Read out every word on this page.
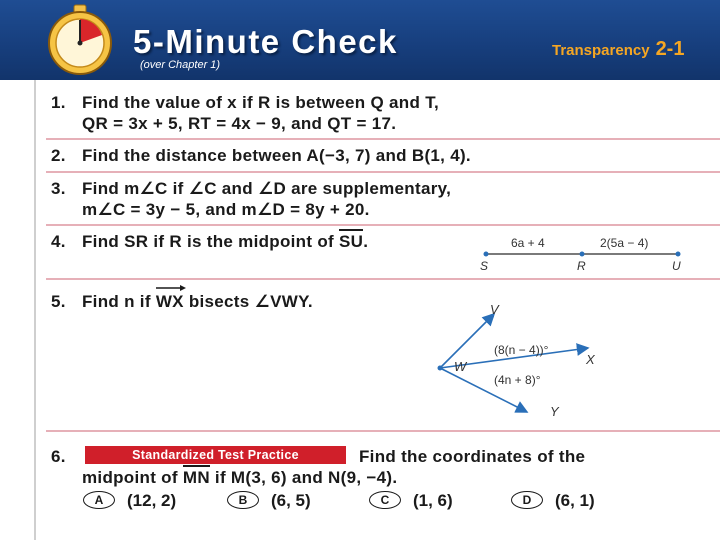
5-Minute Check
(over Chapter 1)
Transparency 2-1
1. Find the value of x if R is between Q and T,
QR = 3x + 5, RT = 4x − 9, and QT = 17.
2. Find the distance between A(−3, 7) and B(1, 4).
3. Find m∠C if ∠C and ∠D are supplementary,
m∠C = 3y − 5, and m∠D = 8y + 20.
4. Find SR if R is the midpoint of SU.	6a + 4	2(5a − 4)
S	R	U
5. Find n if
WX bisects ∠VWY.	V
W	X
Y
(8(n − 4))°
(4n + 8)°
6.	Find the coordinates of the
midpoint of MN if M(3, 6) and N(9, −4).
Standardized Test Practice
A (12, 2)	B (6, 5)	C (1, 6)	D (6, 1)
